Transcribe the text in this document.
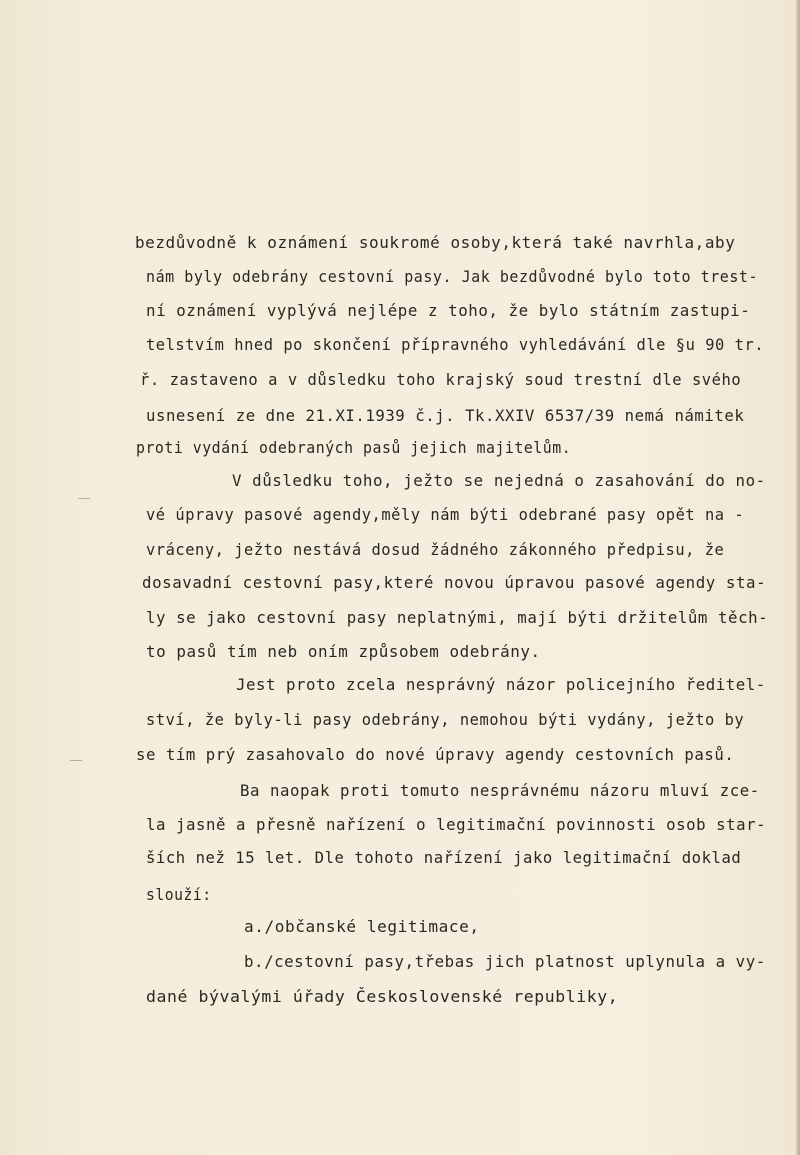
bezdůvodně k oznámení soukromé osoby,která také navrhla,aby
nám byly odebrány cestovní pasy. Jak bezdůvodné bylo toto trest-
ní oznámení vyplývá nejlépe z toho, že bylo státním zastupi-
telstvím hned po skončení přípravného vyhledávání dle §u 90 tr.
ř. zastaveno a v důsledku toho krajský soud trestní dle svého
usnesení ze dne 21.XI.1939 č.j. Tk.XXIV 6537/39 nemá námitek
proti vydání odebraných pasů jejich majitelům.
V důsledku toho, ježto se nejedná o zasahování do no-
vé úpravy pasové agendy,měly nám býti odebrané pasy opět na -
vráceny, ježto nestává dosud žádného zákonného předpisu, že
dosavadní cestovní pasy,které novou úpravou pasové agendy sta-
ly se jako cestovní pasy neplatnými, mají býti držitelům těch-
to pasů tím neb oním způsobem odebrány.
Jest proto zcela nesprávný názor policejního ředitel-
ství, že byly-li pasy odebrány, nemohou býti vydány, ježto by
se tím prý zasahovalo do nové úpravy agendy cestovních pasů.
Ba naopak proti tomuto nesprávnému názoru mluví zce-
la jasně a přesně nařízení o legitimační povinnosti osob star-
ších než 15 let. Dle tohoto nařízení jako legitimační doklad
slouží:
a./občanské legitimace,
b./cestovní pasy,třebas jich platnost uplynula a vy-
dané bývalými úřady Československé republiky,
